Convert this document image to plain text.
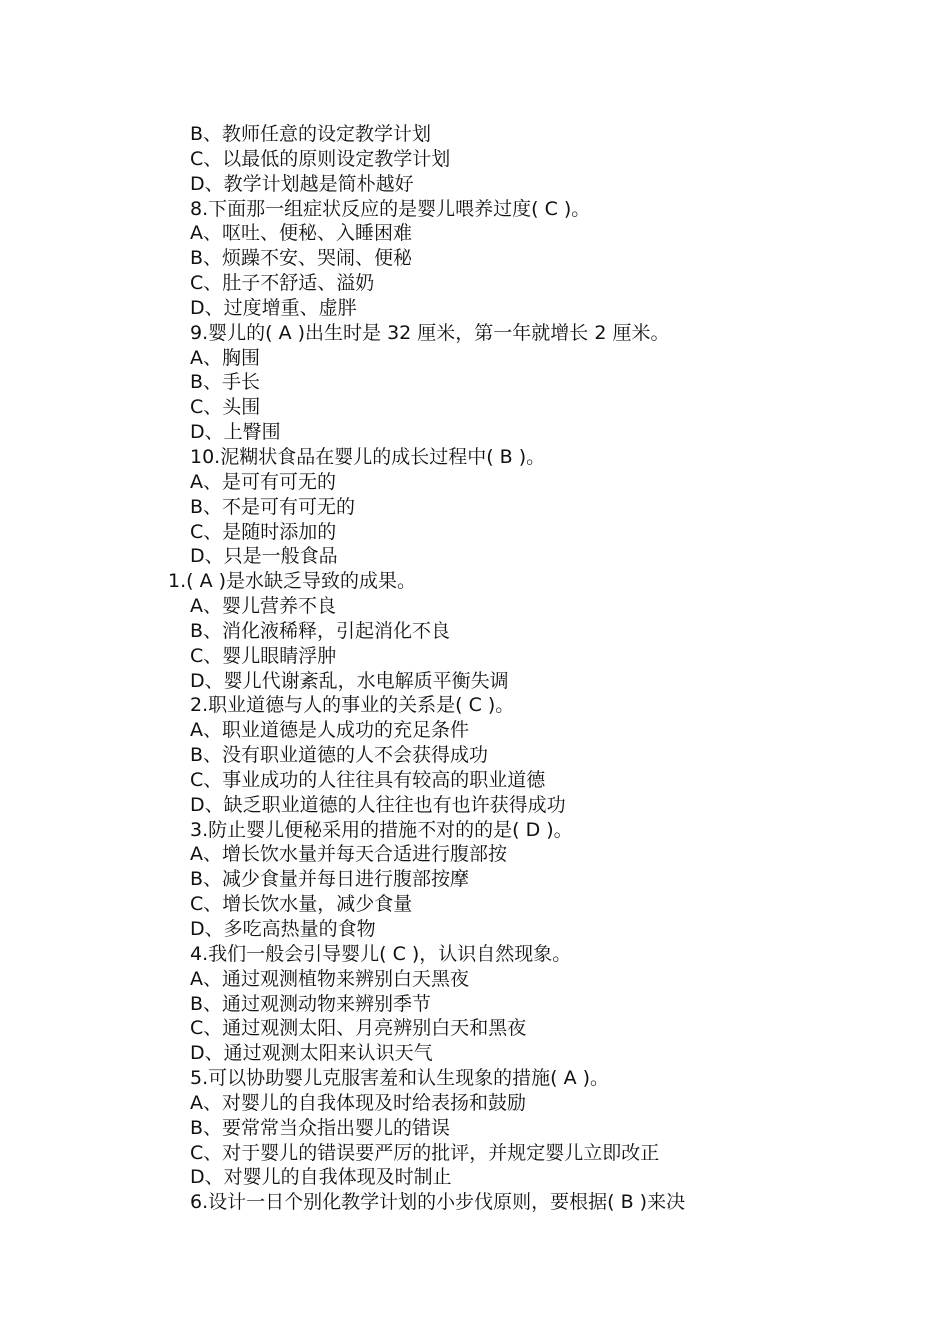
B、教师任意的设定教学计划
C、以最低的原则设定教学计划
D、教学计划越是简朴越好
8.下面那一组症状反应的是婴儿喂养过度( C )。
A、呕吐、便秘、入睡困难
B、烦躁不安、哭闹、便秘
C、肚子不舒适、溢奶
D、过度增重、虚胖
9.婴儿的( A )出生时是 32 厘米，第一年就增长 2 厘米。
A、胸围
B、手长
C、头围
D、上臀围
10.泥糊状食品在婴儿的成长过程中( B )。
A、是可有可无的
B、不是可有可无的
C、是随时添加的
D、只是一般食品
1.( A )是水缺乏导致的成果。
A、婴儿营养不良
B、消化液稀释，引起消化不良
C、婴儿眼睛浮肿
D、婴儿代谢紊乱，水电解质平衡失调
2.职业道德与人的事业的关系是( C )。
A、职业道德是人成功的充足条件
B、没有职业道德的人不会获得成功
C、事业成功的人往往具有较高的职业道德
D、缺乏职业道德的人往往也有也许获得成功
3.防止婴儿便秘采用的措施不对的的是( D )。
A、增长饮水量并每天合适进行腹部按
B、减少食量并每日进行腹部按摩
C、增长饮水量，减少食量
D、多吃高热量的食物
4.我们一般会引导婴儿( C )，认识自然现象。
A、通过观测植物来辨别白天黑夜
B、通过观测动物来辨别季节
C、通过观测太阳、月亮辨别白天和黑夜
D、通过观测太阳来认识天气
5.可以协助婴儿克服害羞和认生现象的措施( A )。
A、对婴儿的自我体现及时给表扬和鼓励
B、要常常当众指出婴儿的错误
C、对于婴儿的错误要严厉的批评，并规定婴儿立即改正
D、对婴儿的自我体现及时制止
6.设计一日个别化教学计划的小步伐原则，要根据( B )来决
